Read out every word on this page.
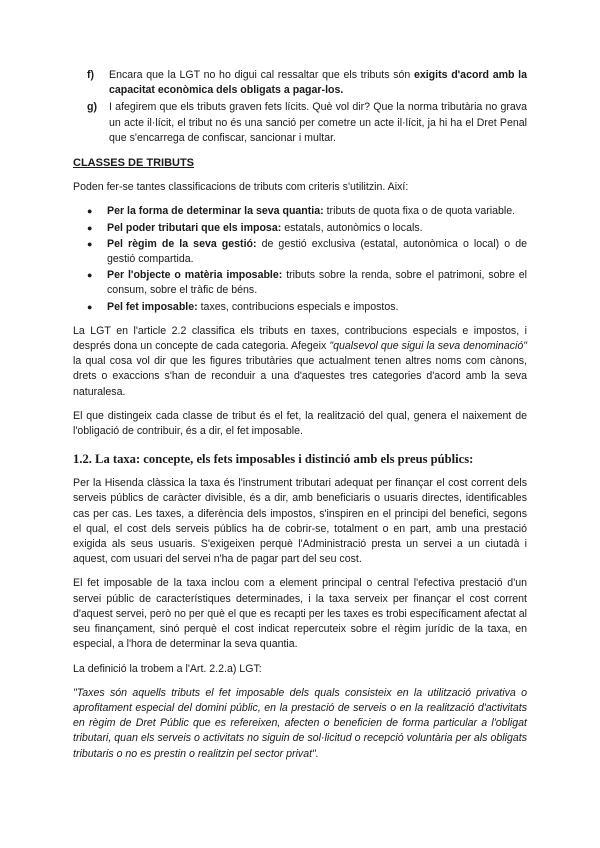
f)	Encara que la LGT no ho digui cal ressaltar que els tributs són exigits d'acord amb la capacitat econòmica dels obligats a pagar-los.
g)	I afegirem que els tributs graven fets lícits. Què vol dir? Que la norma tributària no grava un acte il·lícit, el tribut no és una sanció per cometre un acte il·lícit, ja hi ha el Dret Penal que s'encarrega de confiscar, sancionar i multar.
CLASSES DE TRIBUTS

Poden fer-se tantes classificacions de tributs com criteris s'utilitzin. Així:

●	Per la forma de determinar la seva quantia: tributs de quota fixa o de quota variable.
●	Pel poder tributari que els imposa: estatals, autonòmics o locals.
●	Pel règim de la seva gestió: de gestió exclusiva (estatal, autonòmica o local) o de gestió compartida.
●	Per l'objecte o matèria imposable: tributs sobre la renda, sobre el patrimoni, sobre el consum, sobre el tràfic de béns.
●	Pel fet imposable: taxes, contribucions especials e impostos.

La LGT en l'article 2.2 classifica els tributs en taxes, contribucions especials e impostos, i després dona un concepte de cada categoria. Afegeix "qualsevol que sigui la seva denominació" la qual cosa vol dir que les figures tributàries que actualment tenen altres noms com cànons, drets o exaccions s'han de reconduir a una d'aquestes tres categories d'acord amb la seva naturalesa.

El que distingeix cada classe de tribut és el fet, la realització del qual, genera el naixement de l'obligació de contribuir, és a dir, el fet imposable.

1.2. La taxa: concepte, els fets imposables i distinció amb els preus públics:

Per la Hisenda clàssica la taxa és l'instrument tributari adequat per finançar el cost corrent dels serveis públics de caràcter divisible, és a dir, amb beneficiaris o usuaris directes, identificables cas per cas. Les taxes, a diferència dels impostos, s'inspiren en el principi del benefici, segons el qual, el cost dels serveis públics ha de cobrir-se, totalment o en part, amb una prestació exigida als seus usuaris. S'exigeixen perquè l'Administració presta un servei a un ciutadà i aquest, com usuari del servei n'ha de pagar part del seu cost.

El fet imposable de la taxa inclou com a element principal o central l'efectiva prestació d'un servei públic de característiques determinades, i la taxa serveix per finançar el cost corrent d'aquest servei, però no per què el que es recapti per les taxes es trobi específicament afectat al seu finançament, sinó perquè el cost indicat repercuteix sobre el règim jurídic de la taxa, en especial, a l'hora de determinar la seva quantia.

La definició la trobem a l'Art. 2.2.a) LGT:

"Taxes són aquells tributs el fet imposable dels quals consisteix en la utilització privativa o aprofitament especial del domini públic, en la prestació de serveis o en la realització d'activitats en règim de Dret Públic que es refereixen, afecten o beneficien de forma particular a l'obligat tributari, quan els serveis o activitats no siguin de sol·licitud o recepció voluntària per als obligats tributaris o no es prestin o realitzin pel sector privat".
